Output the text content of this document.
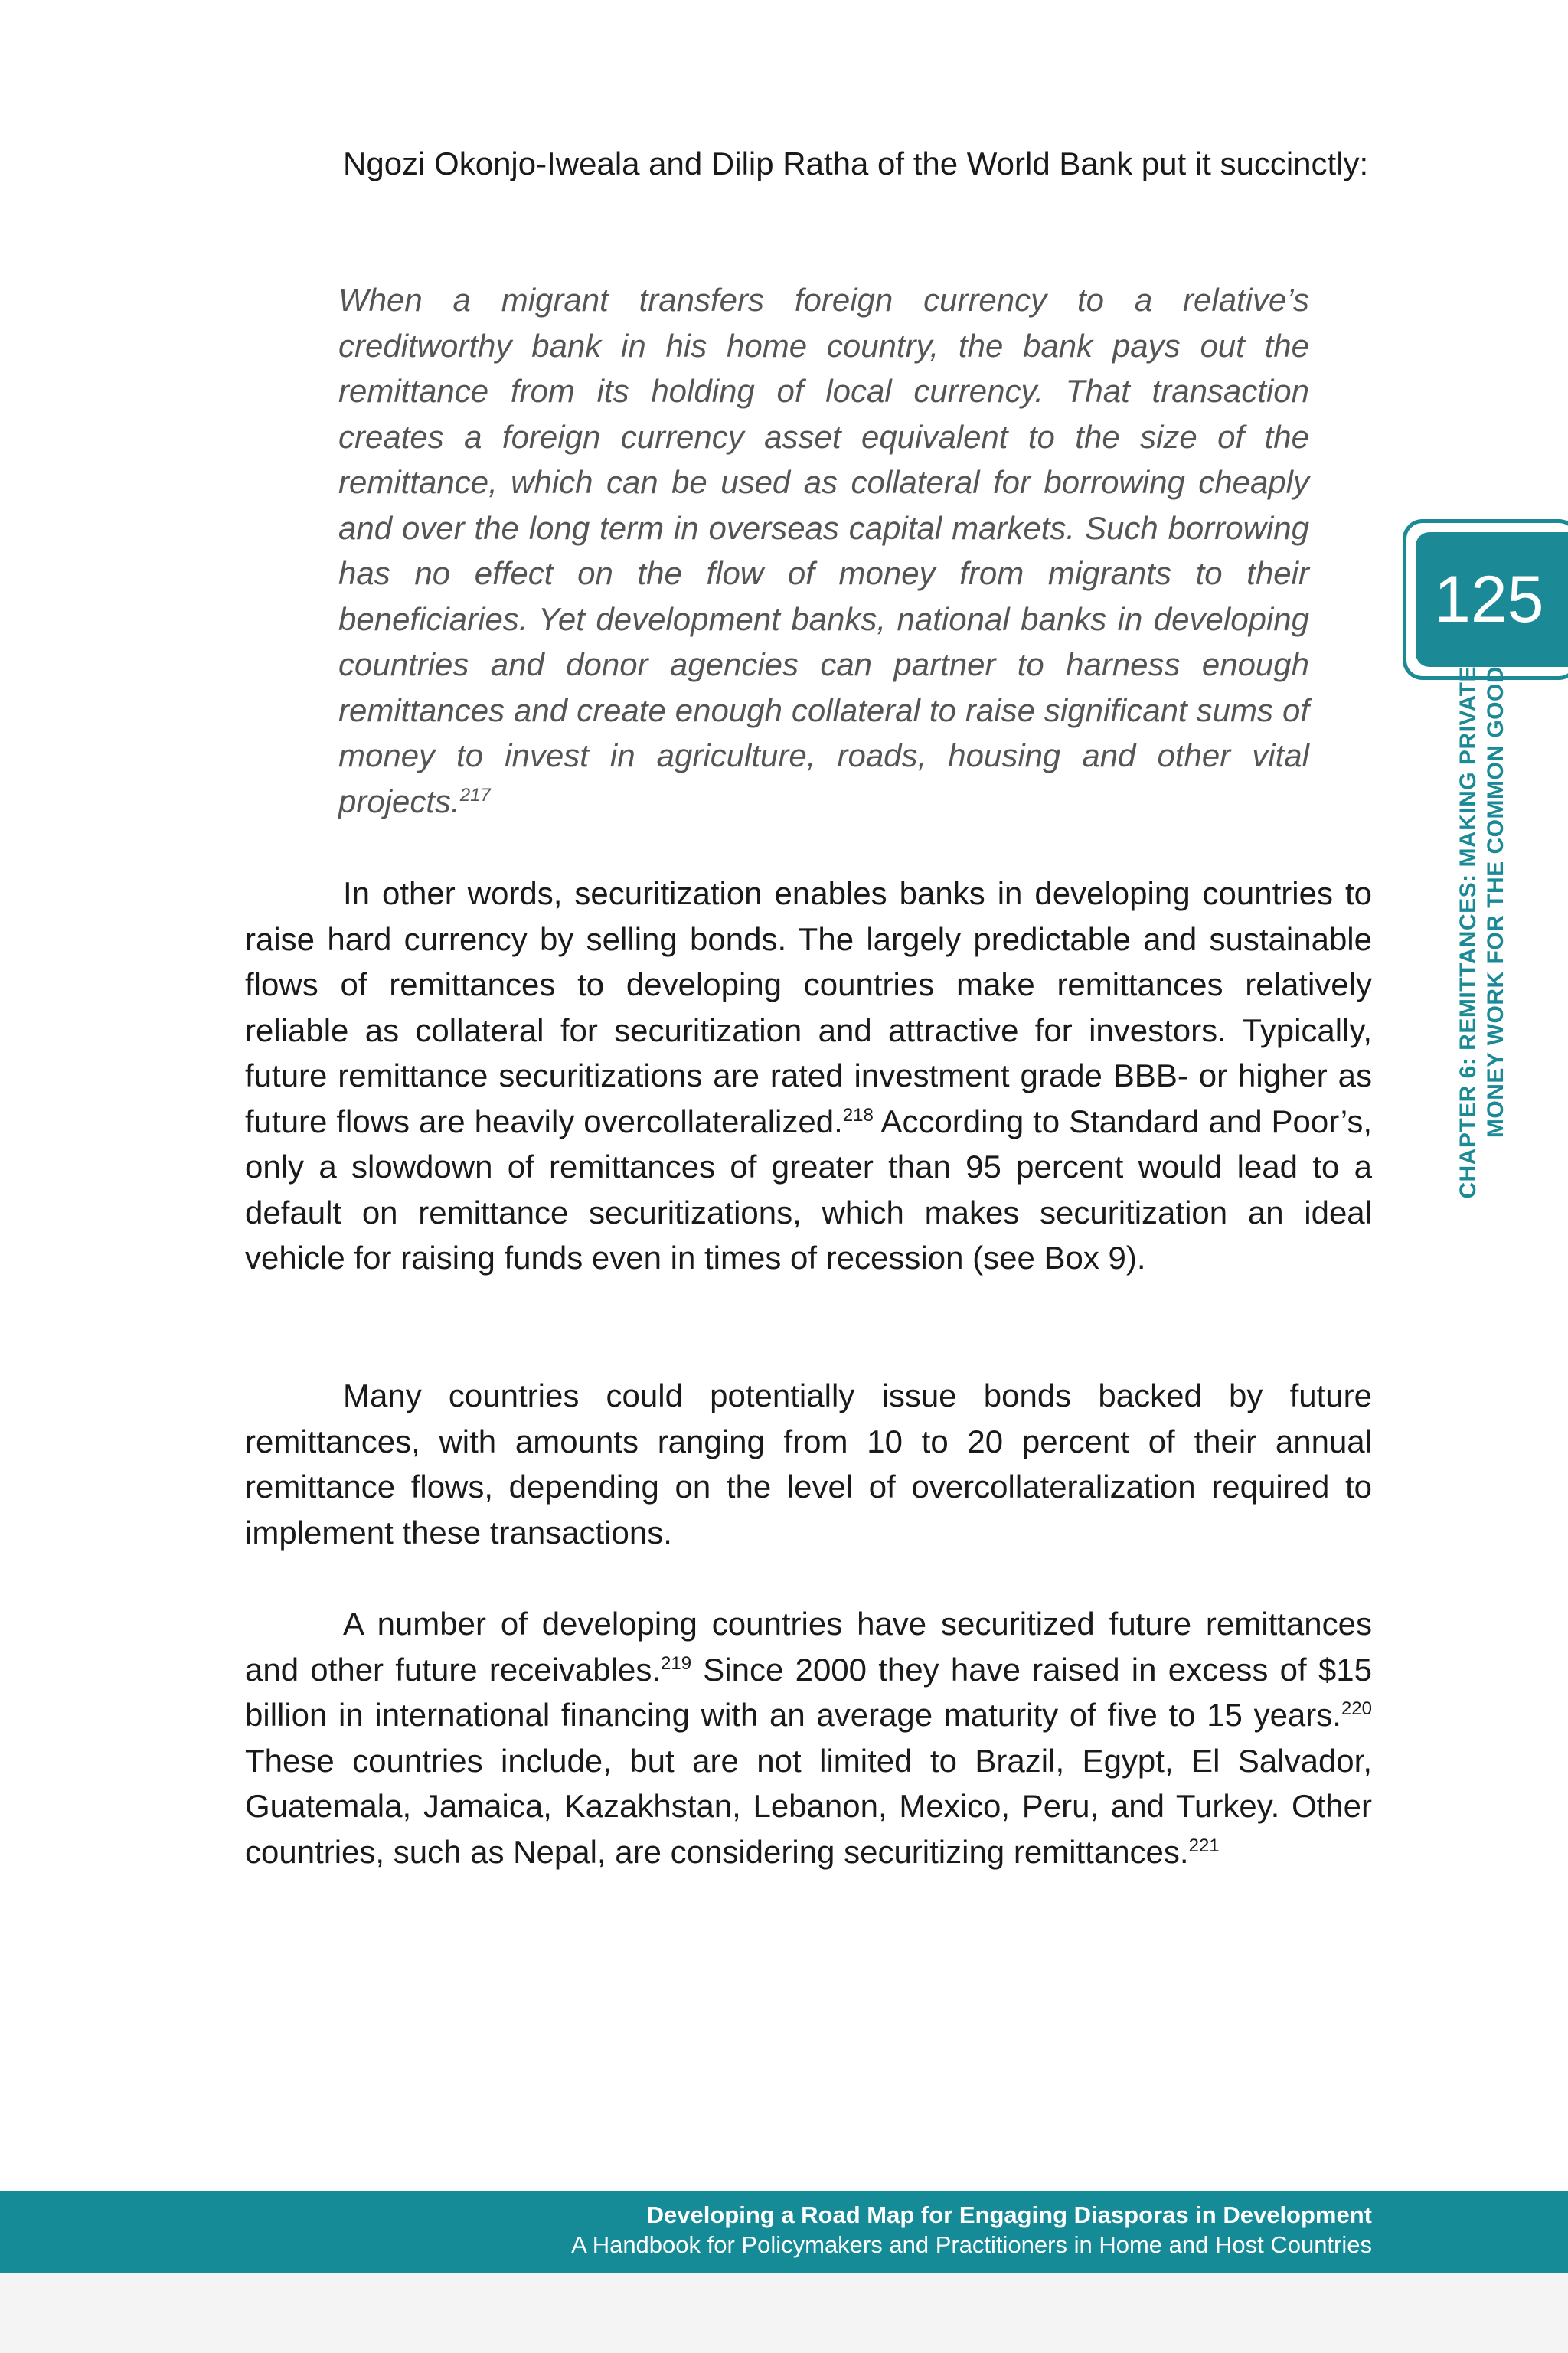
Ngozi Okonjo-Iweala and Dilip Ratha of the World Bank put it succinctly:

When a migrant transfers foreign currency to a relative’s creditworthy bank in his home country, the bank pays out the remittance from its holding of local currency. That transaction creates a foreign currency asset equivalent to the size of the remittance, which can be used as collateral for borrowing cheaply and over the long term in overseas capital markets. Such borrowing has no effect on the flow of money from migrants to their beneficiaries. Yet development banks, national banks in developing countries and donor agencies can partner to harness enough remittances and create enough collateral to raise significant sums of money to invest in agriculture, roads, housing and other vital projects.$^{217}$

In other words, securitization enables banks in developing countries to raise hard currency by selling bonds. The largely predictable and sustainable flows of remittances to developing countries make remittances relatively reliable as collateral for securitization and attractive for investors. Typically, future remittance securitizations are rated investment grade BBB- or higher as future flows are heavily overcollateralized.$^{218}$ According to Standard and Poor’s, only a slowdown of remittances of greater than 95 percent would lead to a default on remittance securitizations, which makes securitization an ideal vehicle for raising funds even in times of recession (see Box 9).

Many countries could potentially issue bonds backed by future remittances, with amounts ranging from 10 to 20 percent of their annual remittance flows, depending on the level of overcollateralization required to implement these transactions.

A number of developing countries have securitized future remittances and other future receivables.$^{219}$ Since 2000 they have raised in excess of $15 billion in international financing with an average maturity of five to 15 years.$^{220}$ These countries include, but are not limited to Brazil, Egypt, El Salvador, Guatemala, Jamaica, Kazakhstan, Lebanon, Mexico, Peru, and Turkey. Other countries, such as Nepal, are considering securitizing remittances.$^{221}$

125
CHAPTER 6: REMITTANCES: MAKING PRIVATE MONEY WORK FOR THE COMMON GOOD
Developing a Road Map for Engaging Diasporas in Development
A Handbook for Policymakers and Practitioners in Home and Host Countries
